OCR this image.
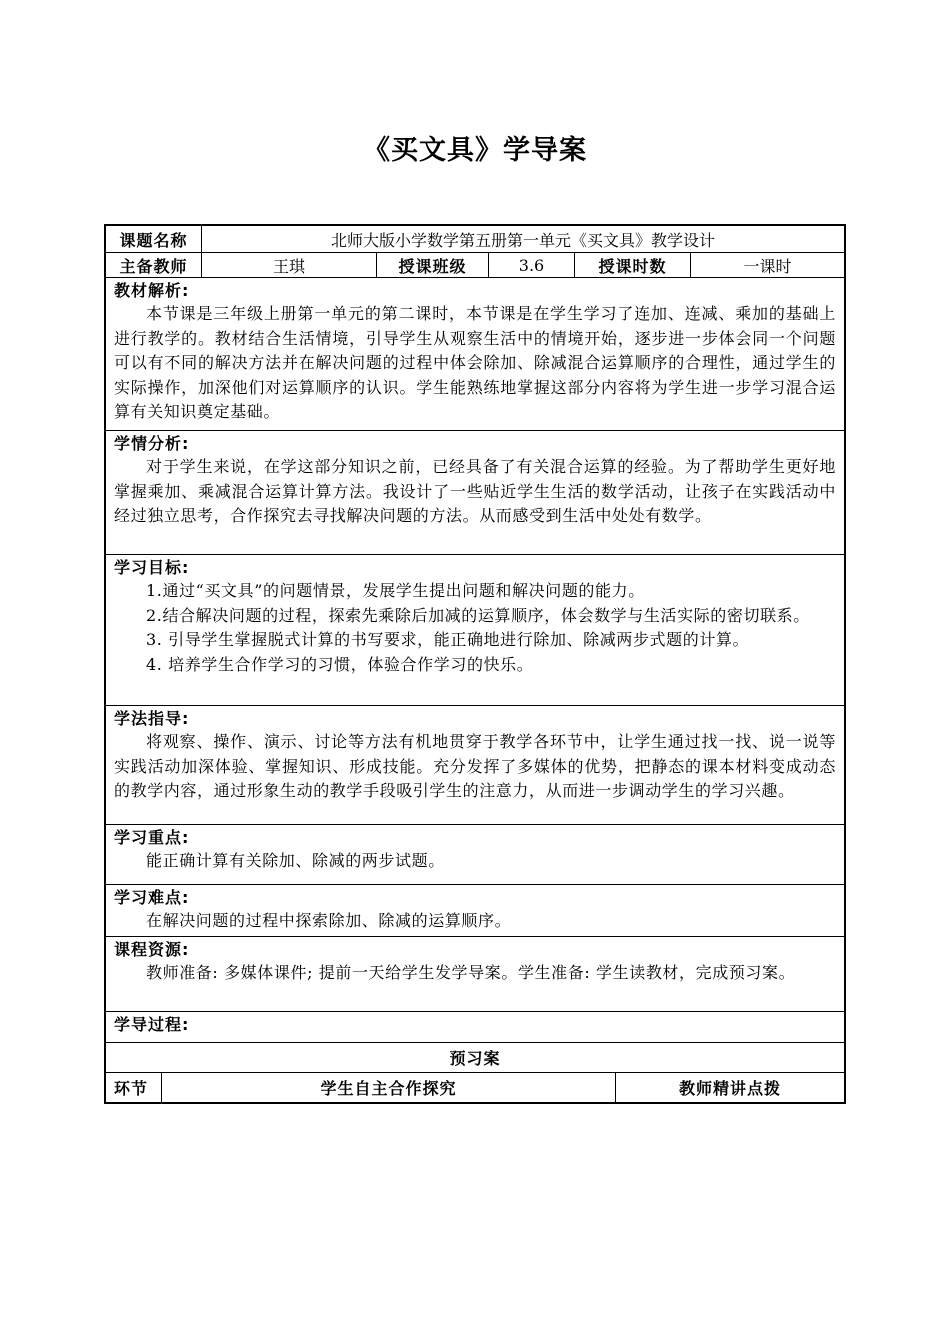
《买文具》学导案
课题名称	北师大版小学数学第五册第一单元《买文具》教学设计
主备教师	王琪	授课班级	3.6	授课时数	一课时
教材解析:

本节课是三年级上册第一单元的第二课时，本节课是在学生学习了连加、连减、乘加的基础上进行教学的。教材结合生活情境，引导学生从观察生活中的情境开始，逐步进一步体会同一个问题可以有不同的解决方法并在解决问题的过程中体会除加、除减混合运算顺序的合理性，通过学生的实际操作，加深他们对运算顺序的认识。学生能熟练地掌握这部分内容将为学生进一步学习混合运算有关知识奠定基础。

学情分析:

对于学生来说，在学这部分知识之前，已经具备了有关混合运算的经验。为了帮助学生更好地掌握乘加、乘减混合运算计算方法。我设计了一些贴近学生生活的数学活动，让孩子在实践活动中经过独立思考，合作探究去寻找解决问题的方法。从而感受到生活中处处有数学。

学习目标:

1.通过“买文具”的问题情景，发展学生提出问题和解决问题的能力。

2.结合解决问题的过程，探索先乘除后加减的运算顺序，体会数学与生活实际的密切联系。

3. 引导学生掌握脱式计算的书写要求，能正确地进行除加、除减两步式题的计算。

4. 培养学生合作学习的习惯，体验合作学习的快乐。

学法指导:

将观察、操作、演示、讨论等方法有机地贯穿于教学各环节中，让学生通过找一找、说一说等实践活动加深体验、掌握知识、形成技能。充分发挥了多媒体的优势，把静态的课本材料变成动态的教学内容，通过形象生动的教学手段吸引学生的注意力，从而进一步调动学生的学习兴趣。

学习重点:

能正确计算有关除加、除减的两步试题。

学习难点:

在解决问题的过程中探索除加、除减的运算顺序。

课程资源:

教师准备: 多媒体课件; 提前一天给学生发学导案。学生准备: 学生读教材，完成预习案。

学导过程:
预习案
环节	学生自主合作探究	教师精讲点拨
